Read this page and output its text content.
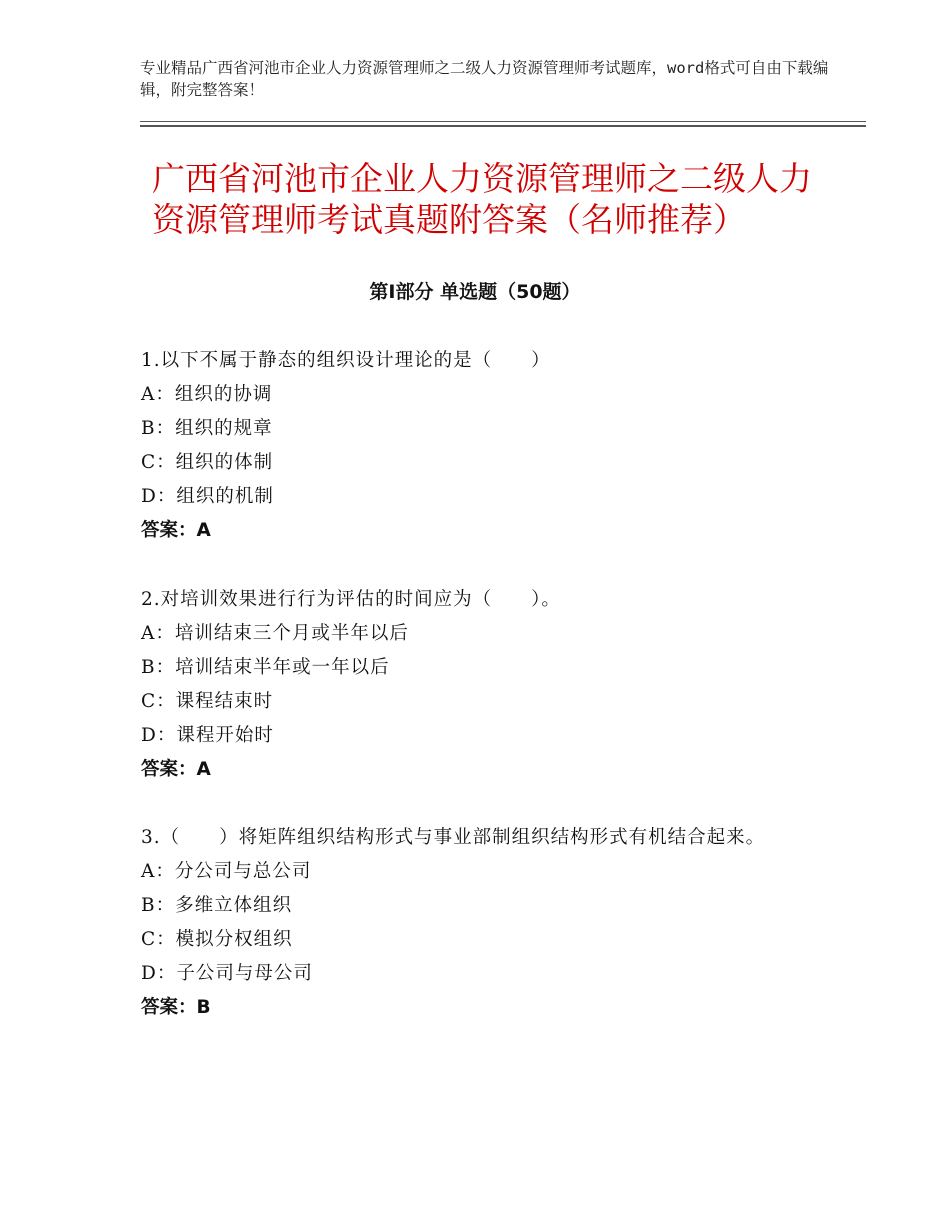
专业精品广西省河池市企业人力资源管理师之二级人力资源管理师考试题库，word格式可自由下载编辑，附完整答案！
广西省河池市企业人力资源管理师之二级人力资源管理师考试真题附答案（名师推荐）
第Ⅰ部分 单选题（50题）
1.以下不属于静态的组织设计理论的是（　　）
A：组织的协调
B：组织的规章
C：组织的体制
D：组织的机制
答案：A
2.对培训效果进行行为评估的时间应为（　　）。
A：培训结束三个月或半年以后
B：培训结束半年或一年以后
C：课程结束时
D：课程开始时
答案：A
3.（　　）将矩阵组织结构形式与事业部制组织结构形式有机结合起来。
A：分公司与总公司
B：多维立体组织
C：模拟分权组织
D：子公司与母公司
答案：B
